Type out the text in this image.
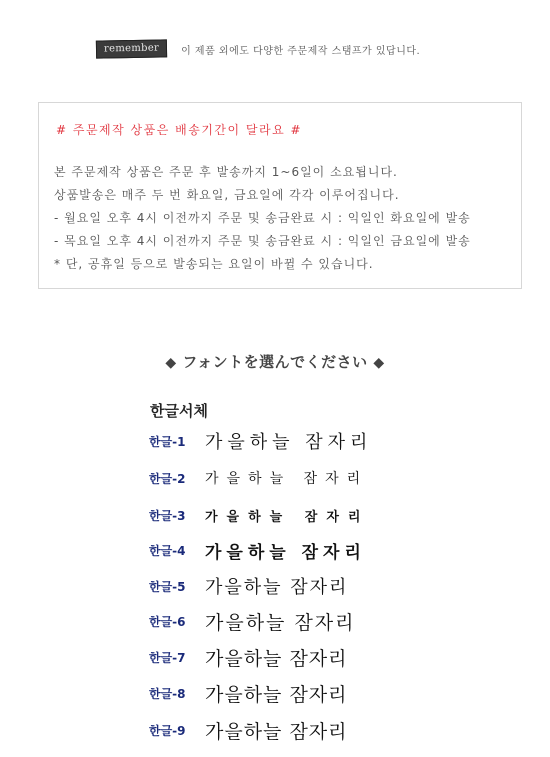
remember	이 제품 외에도 다양한 주문제작 스탬프가 있답니다.
# 주문제작 상품은 배송기간이 달라요 #
본 주문제작 상품은 주문 후 발송까지 1~6일이 소요됩니다.
상품발송은 매주 두 번 화요일, 금요일에 각각 이루어집니다.
- 월요일 오후 4시 이전까지 주문 및 송금완료 시 : 익일인 화요일에 발송
- 목요일 오후 4시 이전까지 주문 및 송금완료 시 : 익일인 금요일에 발송
* 단, 공휴일 등으로 발송되는 요일이 바뀔 수 있습니다.
◆ フォントを選んでください ◆
한글서체
한글-1	가을하늘 잠자리
한글-2	가을하늘 잠자리
한글-3	가을하늘 잠자리
한글-4	가을하늘 잠자리
한글-5	가을하늘 잠자리
한글-6	가을하늘 잠자리
한글-7	가을하늘 잠자리
한글-8	가을하늘 잠자리
한글-9	가을하늘 잠자리
